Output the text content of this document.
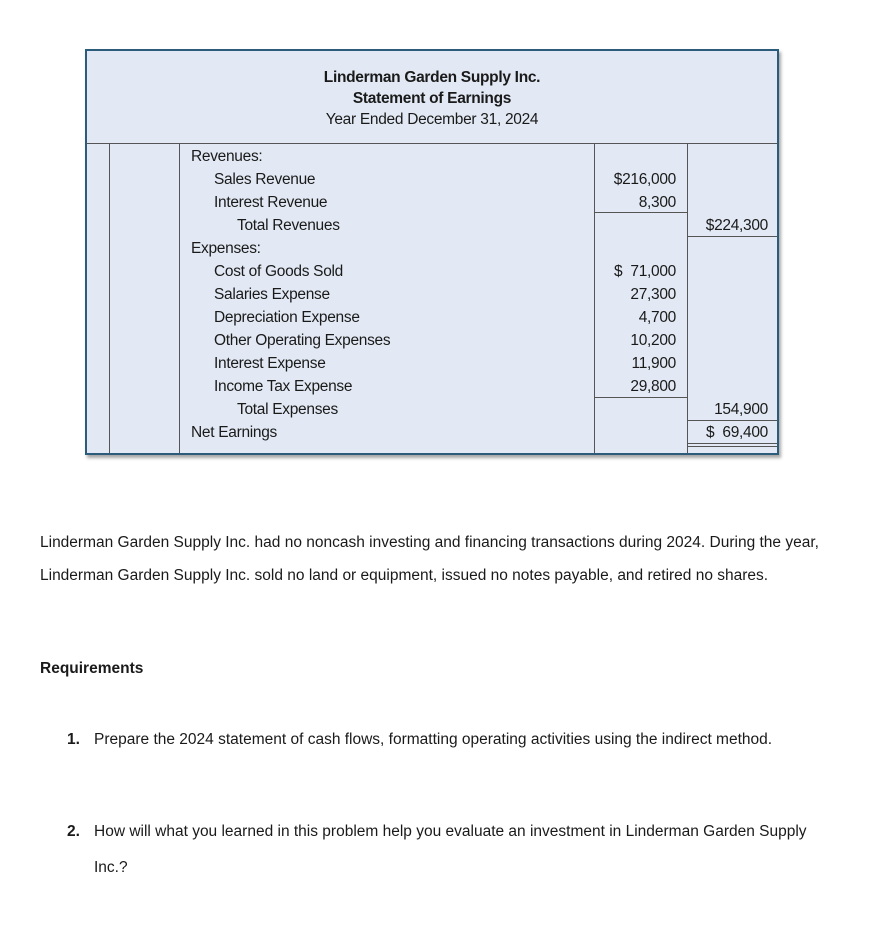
Linderman Garden Supply Inc.
Statement of Earnings
Year Ended December 31, 2024
Revenues:
Sales Revenue	$216,000
Interest Revenue	8,300
Total Revenues	$224,300
Expenses:
Cost of Goods Sold	$  71,000
Salaries Expense	27,300
Depreciation Expense	4,700
Other Operating Expenses	10,200
Interest Expense	11,900
Income Tax Expense	29,800
Total Expenses	154,900
Net Earnings	$  69,400

Linderman Garden Supply Inc. had no noncash investing and financing transactions during 2024. During the year, Linderman Garden Supply Inc. sold no land or equipment, issued no notes payable, and retired no shares.

Requirements

1. Prepare the 2024 statement of cash flows, formatting operating activities using the indirect method.

2. How will what you learned in this problem help you evaluate an investment in Linderman Garden Supply Inc.?
